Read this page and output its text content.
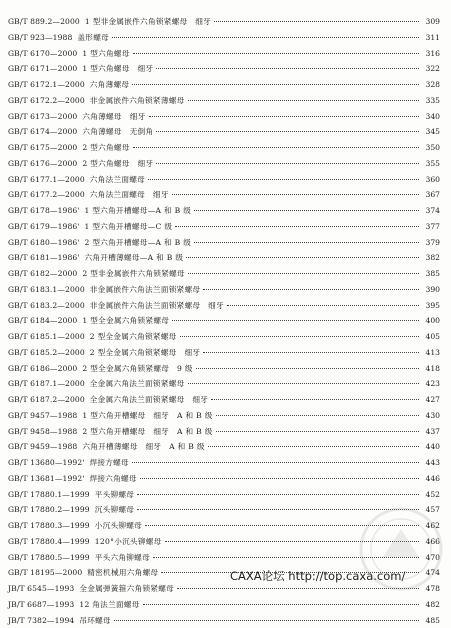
GB/T 889.2—2000 1 型非金属嵌件六角锁紧螺母　细牙	309
GB/T 923—1988 盖形螺母	311
GB/T 6170—2000 1 型六角螺母	316
GB/T 6171—2000 1 型六角螺母　细牙	322
GB/T 6172.1—2000 六角薄螺母	328
GB/T 6172.2—2000 非金属嵌件六角锁紧薄螺母	335
GB/T 6173—2000 六角薄螺母　细牙	340
GB/T 6174—2000 六角薄螺母　无倒角	345
GB/T 6175—2000 2 型六角螺母	350
GB/T 6176—2000 2 型六角螺母　细牙	355
GB/T 6177.1—2000 六角法兰面螺母	360
GB/T 6177.2—2000 六角法兰面螺母　细牙	367
GB/T 6178—1986' 1 型六角开槽螺母—A 和 B 级	374
GB/T 6179—1986' 1 型六角开槽螺母—C 级	377
GB/T 6180—1986' 2 型六角开槽螺母—A 和 B 级	379
GB/T 6181—1986' 六角开槽薄螺母—A 和 B 级	382
GB/T 6182—2000 2 型非金属嵌件六角锁紧螺母	385
GB/T 6183.1—2000 非金属嵌件六角法兰面锁紧螺母	390
GB/T 6183.2—2000 非金属嵌件六角法兰面锁紧螺母　细牙	395
GB/T 6184—2000 1 型全金属六角锁紧螺母	400
GB/T 6185.1—2000 2 型全金属六角锁紧螺母	405
GB/T 6185.2—2000 2 型全金属六角锁紧螺母　细牙	413
GB/T 6186—2000 2 型全金属六角锁紧螺母　9 级	418
GB/T 6187.1—2000 全金属六角法兰面锁紧螺母	423
GB/T 6187.2—2000 全金属六角法兰面锁紧螺母　细牙	427
GB/T 9457—1988 1 型六角开槽螺母　细牙　A 和 B 级	430
GB/T 9458—1988 2 型六角开槽螺母　细牙　A 和 B 级	437
GB/T 9459—1988 六角开槽薄螺母　细牙　A 和 B 级	440
GB/T 13680—1992' 焊接方螺母	443
GB/T 13681—1992' 焊接六角螺母	446
GB/T 17880.1—1999 平头铆螺母	452
GB/T 17880.2—1999 沉头铆螺母	457
GB/T 17880.3—1999 小沉头铆螺母	462
GB/T 17880.4—1999 120°小沉头铆螺母	466
GB/T 17880.5—1999 平头六角铆螺母	470
GB/T 18195—2000 精密机械用六角螺母	474
JB/T 6545—1993 全金属弹簧箍六角锁紧螺母	478
JB/T 6687—1993 12 角法兰面螺母	482
JB/T 7382—1994 吊环螺母	485
CAXA论坛 http://top.caxa.com/
